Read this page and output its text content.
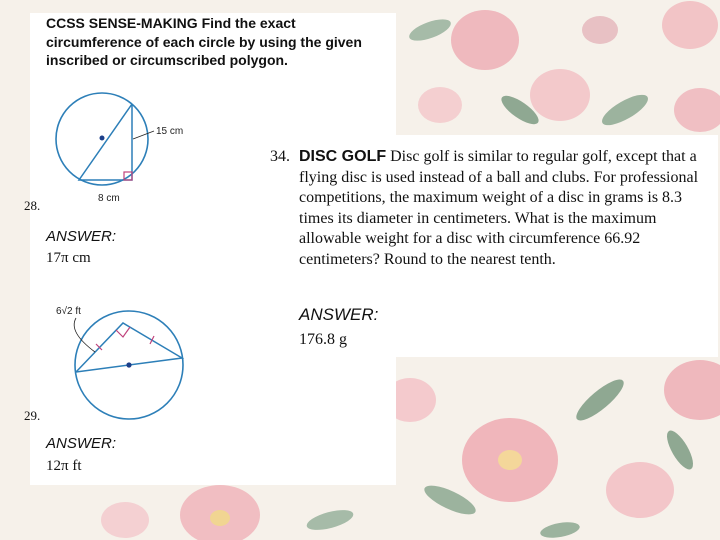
CCSS SENSE-MAKING Find the exact circumference of each circle by using the given inscribed or circumscribed polygon.
15 cm
8 cm
28.
ANSWER:
17π cm
6√2 ft
29.
ANSWER:
12π ft
34. DISC GOLF Disc golf is similar to regular golf, except that a flying disc is used instead of a ball and clubs. For professional competitions, the maximum weight of a disc in grams is 8.3 times its diameter in centimeters. What is the maximum allowable weight for a disc with circumference 66.92 centimeters? Round to the nearest tenth.
ANSWER:
176.8 g
